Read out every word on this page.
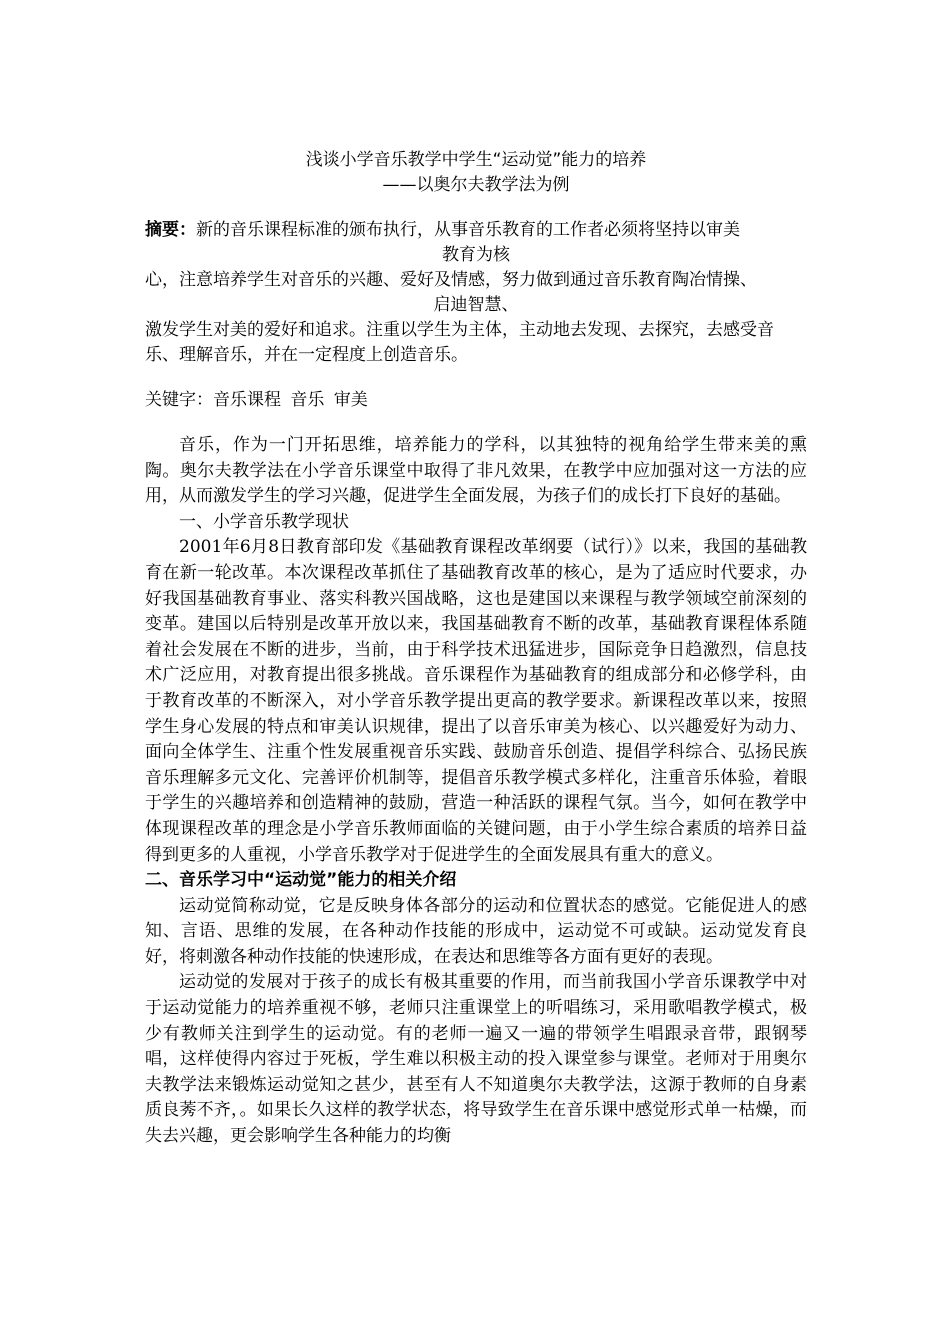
浅谈小学音乐教学中学生“运动觉”能力的培养

——以奥尔夫教学法为例

摘要：新的音乐课程标准的颁布执行，从事音乐教育的工作者必须将坚持以审美

教育为核

心，注意培养学生对音乐的兴趣、爱好及情感，努力做到通过音乐教育陶冶情操、

启迪智慧、

激发学生对美的爱好和追求。注重以学生为主体，主动地去发现、去探究，去感受音乐、理解音乐，并在一定程度上创造音乐。

关键字：音乐课程 音乐 审美

音乐，作为一门开拓思维，培养能力的学科，以其独特的视角给学生带来美的熏陶。奥尔夫教学法在小学音乐课堂中取得了非凡效果，在教学中应加强对这一方法的应用，从而激发学生的学习兴趣，促进学生全面发展，为孩子们的成长打下良好的基础。

一、小学音乐教学现状

2001年6月8日教育部印发《基础教育课程改革纲要（试行）》以来，我国的基础教育在新一轮改革。本次课程改革抓住了基础教育改革的核心，是为了适应时代要求，办好我国基础教育事业、落实科教兴国战略，这也是建国以来课程与教学领域空前深刻的变革。建国以后特别是改革开放以来，我国基础教育不断的改革，基础教育课程体系随着社会发展在不断的进步，当前，由于科学技术迅猛进步，国际竞争日趋激烈，信息技术广泛应用，对教育提出很多挑战。音乐课程作为基础教育的组成部分和必修学科，由于教育改革的不断深入，对小学音乐教学提出更高的教学要求。新课程改革以来，按照学生身心发展的特点和审美认识规律，提出了以音乐审美为核心、以兴趣爱好为动力、面向全体学生、注重个性发展重视音乐实践、鼓励音乐创造、提倡学科综合、弘扬民族音乐理解多元文化、完善评价机制等，提倡音乐教学模式多样化，注重音乐体验，着眼于学生的兴趣培养和创造精神的鼓励，营造一种活跃的课程气氛。当今，如何在教学中体现课程改革的理念是小学音乐教师面临的关键问题，由于小学生综合素质的培养日益得到更多的人重视，小学音乐教学对于促进学生的全面发展具有重大的意义。

二、音乐学习中“运动觉”能力的相关介绍

运动觉简称动觉，它是反映身体各部分的运动和位置状态的感觉。它能促进人的感知、言语、思维的发展，在各种动作技能的形成中，运动觉不可或缺。运动觉发育良好，将刺激各种动作技能的快速形成，在表达和思维等各方面有更好的表现。

运动觉的发展对于孩子的成长有极其重要的作用，而当前我国小学音乐课教学中对于运动觉能力的培养重视不够，老师只注重课堂上的听唱练习，采用歌唱教学模式，极少有教师关注到学生的运动觉。有的老师一遍又一遍的带领学生唱跟录音带，跟钢琴唱，这样使得内容过于死板，学生难以积极主动的投入课堂参与课堂。老师对于用奥尔夫教学法来锻炼运动觉知之甚少，甚至有人不知道奥尔夫教学法，这源于教师的自身素质良莠不齐，。如果长久这样的教学状态，将导致学生在音乐课中感觉形式单一枯燥，而失去兴趣，更会影响学生各种能力的均衡
